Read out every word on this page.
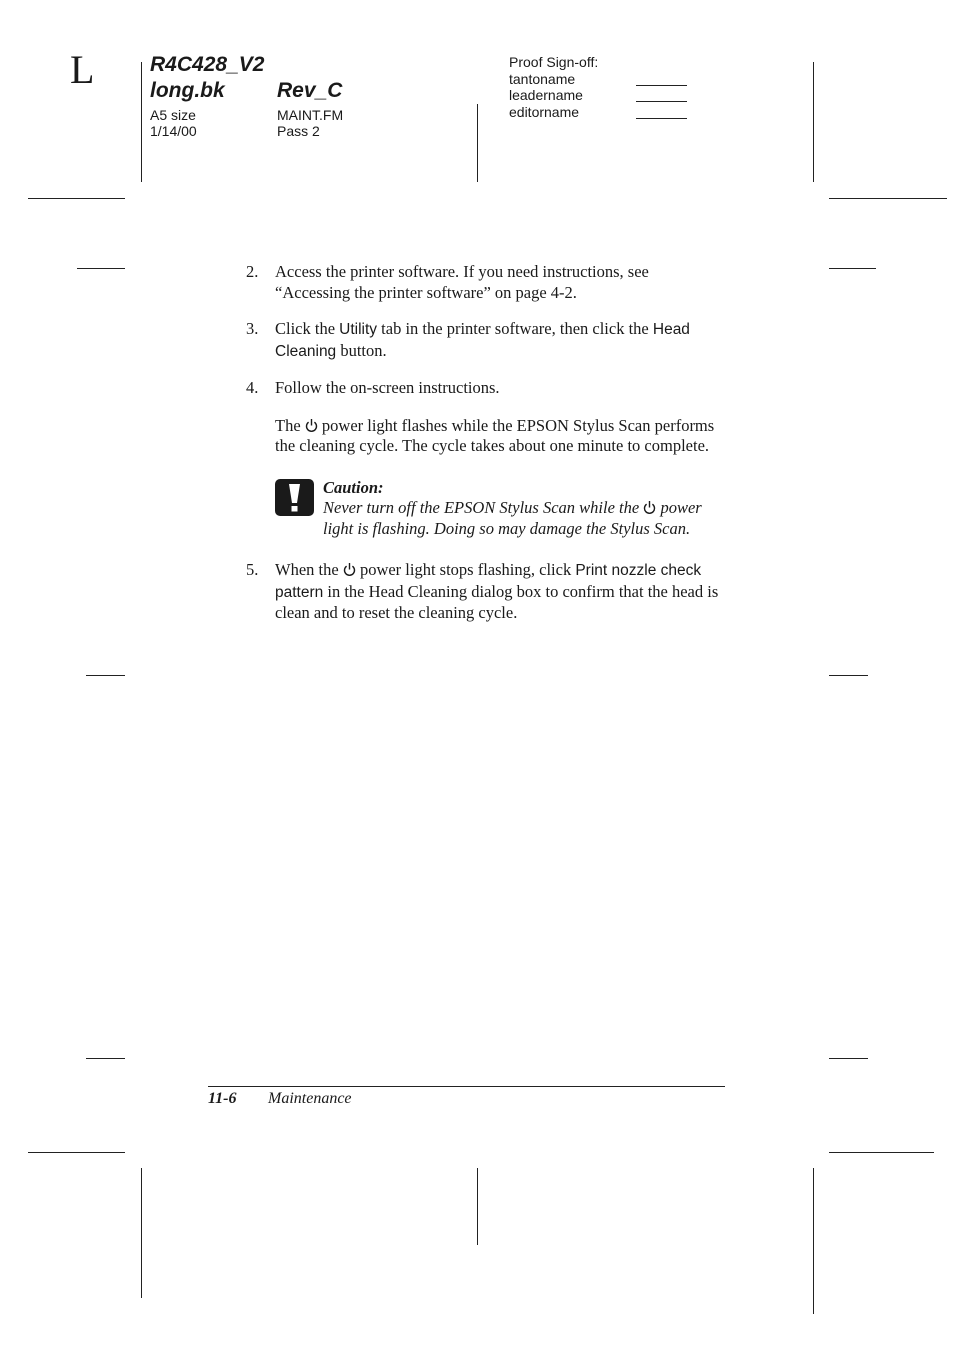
L	R4C428_V2
long.bk Rev_C
A5 size
1/14/00
MAINT.FM
Pass 2
Proof Sign-off:
tantoname
leadername
editorname
2.	Access the printer software. If you need instructions, see “Accessing the printer software” on page 4-2.
3.	Click the Utility tab in the printer software, then click the Head Cleaning button.
4.	Follow the on-screen instructions.
The  power light flashes while the EPSON Stylus Scan performs the cleaning cycle. The cycle takes about one minute to complete.
Caution:
Never turn off the EPSON Stylus Scan while the  power light is flashing. Doing so may damage the Stylus Scan.
5.	When the  power light stops flashing, click Print nozzle check pattern in the Head Cleaning dialog box to confirm that the head is clean and to reset the cleaning cycle.
11-6 Maintenance
